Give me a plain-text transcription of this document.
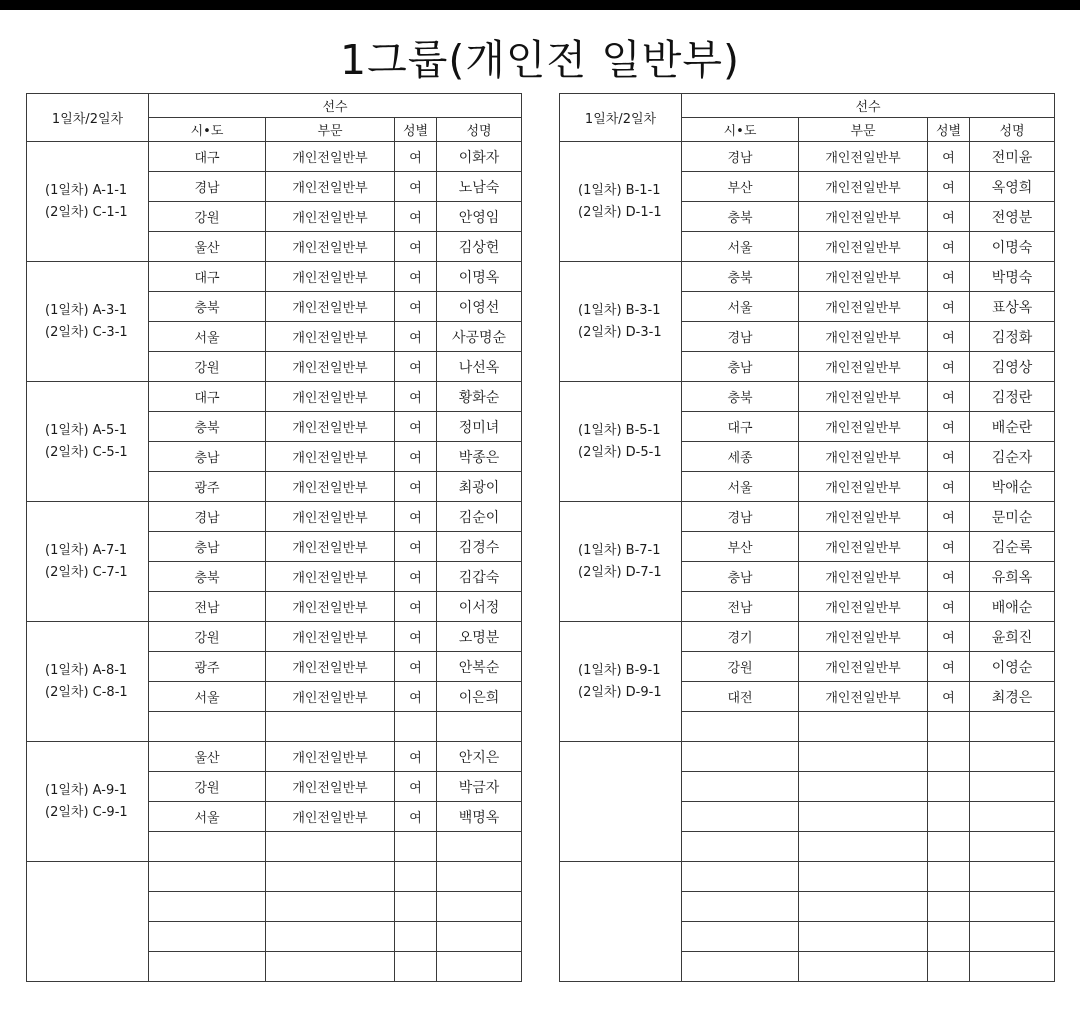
1그룹(개인전 일반부)
1일차/2일차	선수			
	시•도	부문	성별	성명

(1일차) A-1-1
(2일차) C-1-1	대구	개인전일반부	여	이화자
	경남	개인전일반부	여	노남숙
	강원	개인전일반부	여	안영임
	울산	개인전일반부	여	김상헌

(1일차) A-3-1
(2일차) C-3-1	대구	개인전일반부	여	이명옥
	충북	개인전일반부	여	이영선
	서울	개인전일반부	여	사공명순
	강원	개인전일반부	여	나선옥

(1일차) A-5-1
(2일차) C-5-1	대구	개인전일반부	여	황화순
	충북	개인전일반부	여	정미녀
	충남	개인전일반부	여	박종은
	광주	개인전일반부	여	최광이

(1일차) A-7-1
(2일차) C-7-1	경남	개인전일반부	여	김순이
	충남	개인전일반부	여	김경수
	충북	개인전일반부	여	김갑숙
	전남	개인전일반부	여	이서정

(1일차) A-8-1
(2일차) C-8-1	강원	개인전일반부	여	오명분
	광주	개인전일반부	여	안복순
	서울	개인전일반부	여	이은희

(1일차) A-9-1
(2일차) C-9-1	울산	개인전일반부	여	안지은
	강원	개인전일반부	여	박금자
	서울	개인전일반부	여	백명옥

1일차/2일차	선수			
	시•도	부문	성별	성명

(1일차) B-1-1
(2일차) D-1-1	경남	개인전일반부	여	전미윤
	부산	개인전일반부	여	옥영희
	충북	개인전일반부	여	전영분
	서울	개인전일반부	여	이명숙

(1일차) B-3-1
(2일차) D-3-1	충북	개인전일반부	여	박명숙
	서울	개인전일반부	여	표상옥
	경남	개인전일반부	여	김정화
	충남	개인전일반부	여	김영상

(1일차) B-5-1
(2일차) D-5-1	충북	개인전일반부	여	김정란
	대구	개인전일반부	여	배순란
	세종	개인전일반부	여	김순자
	서울	개인전일반부	여	박애순

(1일차) B-7-1
(2일차) D-7-1	경남	개인전일반부	여	문미순
	부산	개인전일반부	여	김순록
	충남	개인전일반부	여	유희옥
	전남	개인전일반부	여	배애순

(1일차) B-9-1
(2일차) D-9-1	경기	개인전일반부	여	윤희진
	강원	개인전일반부	여	이영순
	대전	개인전일반부	여	최경은
